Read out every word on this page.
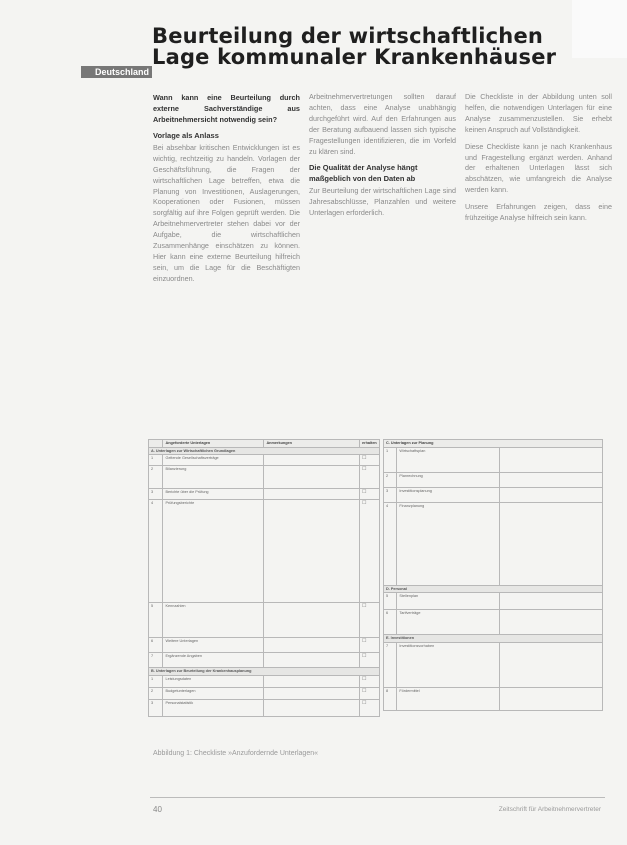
Beurteilung der wirtschaftlichen Lage kommunaler Krankenhäuser
Deutschland

Wann kann eine Beurteilung durch externe Sachverständige aus Arbeitnehmersicht notwendig sein?

Vorlage als Anlass

Bei absehbar kritischen Entwicklungen ist es wichtig, rechtzeitig zu handeln. Vorlagen der Geschäftsführung, die Fragen der wirtschaftlichen Lage betreffen, etwa die Planung von Investitionen, Auslagerungen, Kooperationen oder Fusionen, müssen sorgfältig auf ihre Folgen geprüft werden. Die Arbeitnehmervertreter stehen dabei vor der Aufgabe, die wirtschaftlichen Zusammenhänge einschätzen zu können. Hier kann eine externe Beurteilung hilfreich sein, um die Lage für die Beschäftigten einzuordnen.

Arbeitnehmervertretungen sollten darauf achten, dass eine Analyse unabhängig durchgeführt wird. Auf den Erfahrungen aus der Beratung aufbauend lassen sich typische Fragestellungen identifizieren, die im Vorfeld zu klären sind.

Die Qualität der Analyse hängt maßgeblich von den Daten ab

Zur Beurteilung der wirtschaftlichen Lage sind Jahresabschlüsse, Planzahlen und weitere Unterlagen erforderlich.

Die Checkliste in der Abbildung unten soll helfen, die notwendigen Unterlagen für eine Analyse zusammenzustellen. Sie erhebt keinen Anspruch auf Vollständigkeit.

Diese Checkliste kann je nach Krankenhaus und Fragestellung ergänzt werden. Anhand der erhaltenen Unterlagen lässt sich abschätzen, wie umfangreich die Analyse werden kann.

Unsere Erfahrungen zeigen, dass eine frühzeitige Analyse hilfreich sein kann.

	Angeforderte Unterlagen	Anmerkungen	erhalten
A. Unterlagen zur Wirtschaftlichen Grundlagen			
1	Geltende Gesellschaftsverträge		☐
2	Bilanzierung		☐
3	Berichte über die Prüfung		☐
4	Prüfungsberichte		☐
5	Kennzahlen		☐
6	Weitere Unterlagen		☐
7	Ergänzende Angaben		☐
B. Unterlagen zur Beurteilung der Krankenhausplanung			
1	Leistungsdaten		☐
2	Budgetunterlagen		☐
3	Personalstatistik		☐
C. Unterlagen zur Planung		
1	Wirtschaftsplan	
2	Planrechnung	
3	Investitionsplanung	
4	Finanzplanung	
D. Personal		
5	Stellenplan	
6	Tarifverträge	
E. Investitionen		
7	Investitionsvorhaben	
8	Fördermittel	
Abbildung 1: Checkliste »Anzufordernde Unterlagen«
40	Zeitschrift für Arbeitnehmervertreter
